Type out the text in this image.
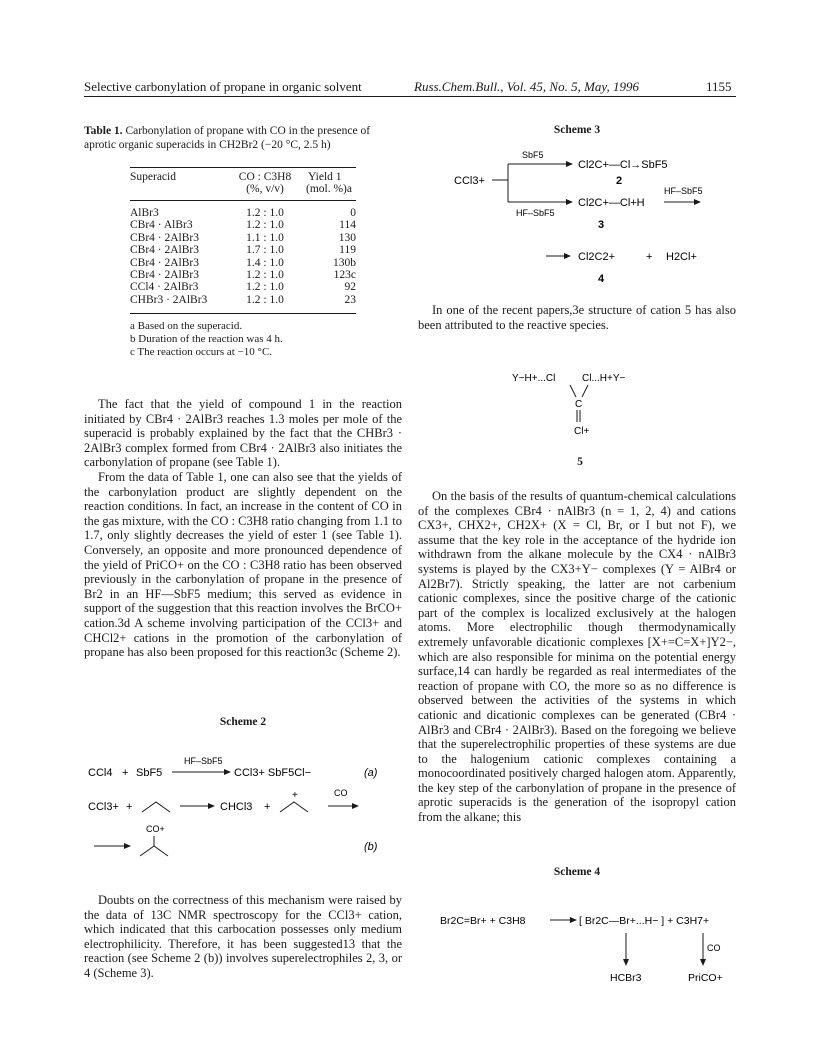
Selective carbonylation of propane in organic solvent	Russ.Chem.Bull., Vol. 45, No. 5, May, 1996	1155
Table 1. Carbonylation of propane with CO in the presence of aprotic organic superacids in CH2Br2 (−20 °C, 2.5 h)
Superacid	CO : C3H8	Yield 1
(%, v/v)	(mol. %)a
AlBr3	1.2 : 1.0	0
CBr4 · AlBr3	1.2 : 1.0	114
CBr4 · 2AlBr3	1.1 : 1.0	130
CBr4 · 2AlBr3	1.7 : 1.0	119
CBr4 · 2AlBr3	1.4 : 1.0	130b
CBr4 · 2AlBr3	1.2 : 1.0	123c
CCl4 · 2AlBr3	1.2 : 1.0	92
CHBr3 · 2AlBr3	1.2 : 1.0	23
a Based on the superacid.
b Duration of the reaction was 4 h.
c The reaction occurs at −10 °C.

The fact that the yield of compound 1 in the reaction initiated by CBr4 · 2AlBr3 reaches 1.3 moles per mole of the superacid is probably explained by the fact that the CHBr3 · 2AlBr3 complex formed from CBr4 · 2AlBr3 also initiates the carbonylation of propane (see Table 1).

From the data of Table 1, one can also see that the yields of the carbonylation product are slightly dependent on the reaction conditions. In fact, an increase in the content of CO in the gas mixture, with the CO : C3H8 ratio changing from 1.1 to 1.7, only slightly decreases the yield of ester 1 (see Table 1). Conversely, an opposite and more pronounced dependence of the yield of PriCO+ on the CO : C3H8 ratio has been observed previously in the carbonylation of propane in the presence of Br2 in an HF—SbF5 medium; this served as evidence in support of the suggestion that this reaction involves the BrCO+ cation.3d A scheme involving participation of the CCl3+ and CHCl2+ cations in the promotion of the carbonylation of propane has also been proposed for this reaction3c (Scheme 2).

Scheme 2
CCl4 + SbF5
HF–SbF5
CCl3+ SbF5Cl−	(a)
CCl3+ +	CHCl3 +
+	CO
CO+
(b)

Doubts on the correctness of this mechanism were raised by the data of 13C NMR spectroscopy for the CCl3+ cation, which indicated that this carbocation possesses only medium electrophilicity. Therefore, it has been suggested13 that the reaction (see Scheme 2 (b)) involves superelectrophiles 2, 3, or 4 (Scheme 3).

Scheme 3
CCl3+
SbF5
Cl2C+—Cl→SbF5
2
HF–SbF5
Cl2C+—Cl+H
HF–SbF5
3
Cl2C2+	+ H2Cl+
4

In one of the recent papers,3e structure of cation 5 has also been attributed to the reactive species.

Y−H+...Cl	Cl...H+Y−
C
Cl+
5

On the basis of the results of quantum-chemical calculations of the complexes CBr4 · nAlBr3 (n = 1, 2, 4) and cations CX3+, CHX2+, CH2X+ (X = Cl, Br, or I but not F), we assume that the key role in the acceptance of the hydride ion withdrawn from the alkane molecule by the CX4 · nAlBr3 systems is played by the CX3+Y− complexes (Y = AlBr4 or Al2Br7). Strictly speaking, the latter are not carbenium cationic complexes, since the positive charge of the cationic part of the complex is localized exclusively at the halogen atoms. More electrophilic though thermodynamically extremely unfavorable dicationic complexes [X+=C=X+]Y2−, which are also responsible for minima on the potential energy surface,14 can hardly be regarded as real intermediates of the reaction of propane with CO, the more so as no difference is observed between the activities of the systems in which cationic and dicationic complexes can be generated (CBr4 · AlBr3 and CBr4 · 2AlBr3). Based on the foregoing we believe that the superelectrophilic properties of these systems are due to the halogenium cationic complexes containing a monocoordinated positively charged halogen atom. Apparently, the key step of the carbonylation of propane in the presence of aprotic superacids is the generation of the isopropyl cation from the alkane; this

Scheme 4
Br2C=Br+ + C3H8	[ Br2C—Br+...H− ] + C3H7+
CO
HCBr3	PriCO+
